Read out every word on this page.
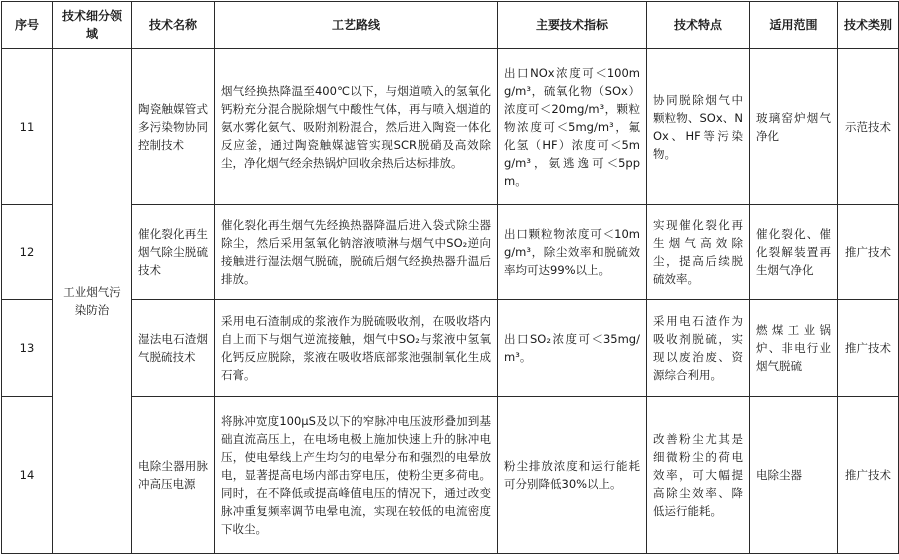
序号	技术细分领域	技术名称	工艺路线	主要技术指标	技术特点	适用范围	技术类别
11	工业烟气污染防治	陶瓷触媒管式多污染物协同控制技术	烟气经换热降温至400℃以下，与烟道喷入的氢氧化钙粉充分混合脱除烟气中酸性气体，再与喷入烟道的氨水雾化氨气、吸附剂粉混合，然后进入陶瓷一体化反应釜，通过陶瓷触媒滤管实现SCR脱硝及高效除尘，净化烟气经余热锅炉回收余热后达标排放。	出口NOx浓度可＜100mg/m³，硫氧化物（SOx）浓度可＜20mg/m³，颗粒物浓度可＜5mg/m³，氟化氢（HF）浓度可＜5mg/m³，氨逃逸可＜5ppm。	协同脱除烟气中颗粒物、SOx、NOx、HF等污染物。	玻璃窑炉烟气净化	示范技术
12		催化裂化再生烟气除尘脱硫技术	催化裂化再生烟气先经换热器降温后进入袋式除尘器除尘，然后采用氢氧化钠溶液喷淋与烟气中SO₂逆向接触进行湿法烟气脱硫，脱硫后烟气经换热器升温后排放。	出口颗粒物浓度可＜10mg/m³，除尘效率和脱硫效率均可达99%以上。	实现催化裂化再生烟气高效除尘，提高后续脱硫效率。	催化裂化、催化裂解装置再生烟气净化	推广技术
13		湿法电石渣烟气脱硫技术	采用电石渣制成的浆液作为脱硫吸收剂，在吸收塔内自上而下与烟气逆流接触，烟气中SO₂与浆液中氢氧化钙反应脱除，浆液在吸收塔底部浆池强制氧化生成石膏。	出口SO₂浓度可＜35mg/m³。	采用电石渣作为吸收剂脱硫，实现以废治废、资源综合利用。	燃煤工业锅炉、非电行业烟气脱硫	推广技术
14		电除尘器用脉冲高压电源	将脉冲宽度100μS及以下的窄脉冲电压波形叠加到基础直流高压上，在电场电极上施加快速上升的脉冲电压，使电晕线上产生均匀的电晕分布和强烈的电晕放电，显著提高电场内部击穿电压，使粉尘更多荷电。同时，在不降低或提高峰值电压的情况下，通过改变脉冲重复频率调节电晕电流，实现在较低的电流密度下收尘。	粉尘排放浓度和运行能耗可分别降低30%以上。	改善粉尘尤其是细微粉尘的荷电效率，可大幅提高除尘效率、降低运行能耗。	电除尘器	推广技术
